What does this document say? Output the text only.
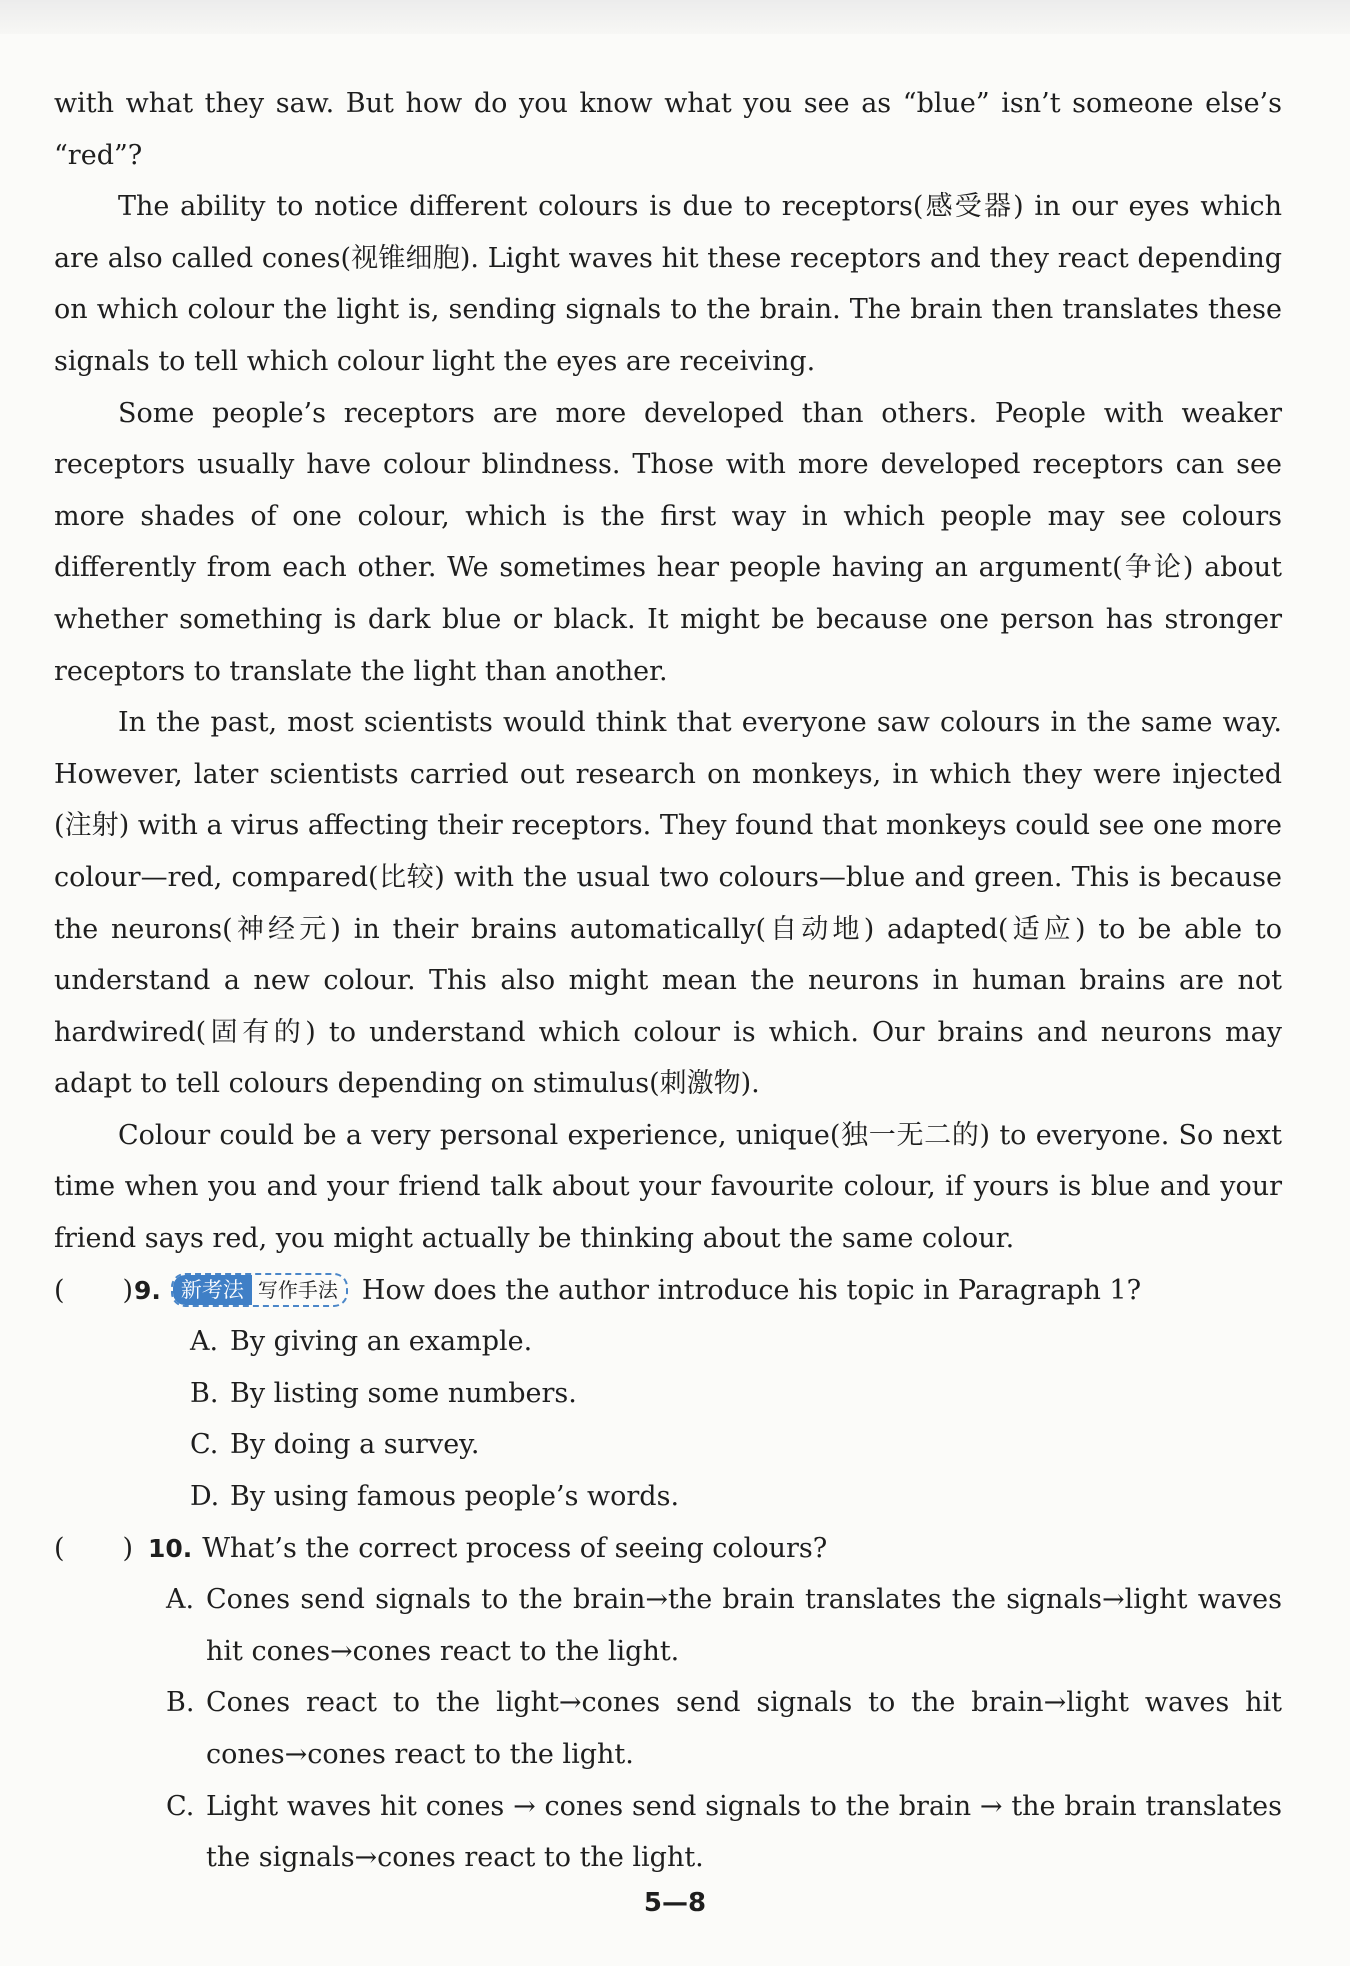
with what they saw. But how do you know what you see as “blue” isn’t someone else’s “red”?

The ability to notice different colours is due to receptors(感受器) in our eyes which are also called cones(视锥细胞). Light waves hit these receptors and they react depending on which colour the light is, sending signals to the brain. The brain then translates these signals to tell which colour light the eyes are receiving.

Some people’s receptors are more developed than others. People with weaker receptors usually have colour blindness. Those with more developed receptors can see more shades of one colour, which is the first way in which people may see colours differently from each other. We sometimes hear people having an argument(争论) about whether something is dark blue or black. It might be because one person has stronger receptors to translate the light than another.

In the past, most scientists would think that everyone saw colours in the same way. However, later scientists carried out research on monkeys, in which they were injected (注射) with a virus affecting their receptors. They found that monkeys could see one more colour—red, compared(比较) with the usual two colours—blue and green. This is because the neurons(神经元) in their brains automatically(自动地) adapted(适应) to be able to understand a new colour. This also might mean the neurons in human brains are not hardwired(固有的) to understand which colour is which. Our brains and neurons may adapt to tell colours depending on stimulus(刺激物).

Colour could be a very personal experience, unique(独一无二的) to everyone. So next time when you and your friend talk about your favourite colour, if yours is blue and your friend says red, you might actually be thinking about the same colour.

( ) 9. 新考法 写作手法 How does the author introduce his topic in Paragraph 1?
A. By giving an example.
B. By listing some numbers.
C. By doing a survey.
D. By using famous people’s words.
( ) 10. What’s the correct process of seeing colours?
A. Cones send signals to the brain→the brain translates the signals→light waves hit cones→cones react to the light.
B. Cones react to the light→cones send signals to the brain→light waves hit cones→cones react to the light.
C. Light waves hit cones → cones send signals to the brain → the brain translates the signals→cones react to the light.
5—8
